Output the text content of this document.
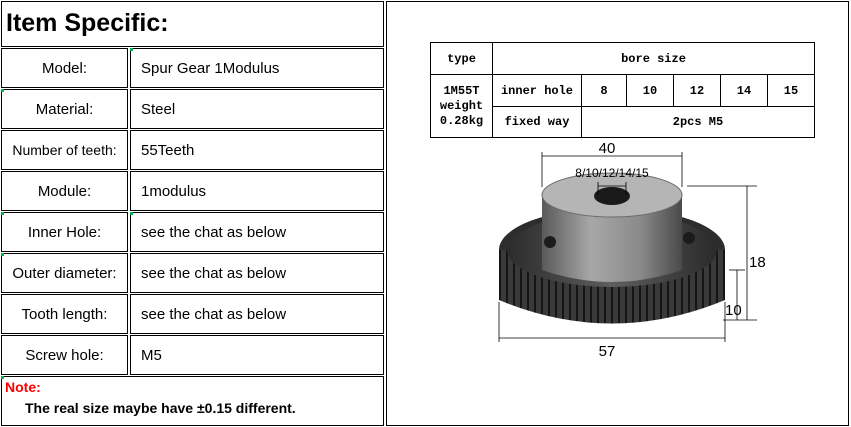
Item Specific:
Model:	Spur Gear 1Modulus
Material:	Steel
Number of teeth:	55Teeth
Module:	1modulus
Inner Hole:	see the chat as below
Outer diameter:	see the chat as below
Tooth length:	see the chat as below
Screw hole:	M5
Note:
The real size maybe have ±0.15 different.
type	bore size					

1M55T
weight
0.28kg	inner hole	8	10	12	14	15
	fixed way	2pcs M5				
40
8/10/12/14/15
18
10
57
